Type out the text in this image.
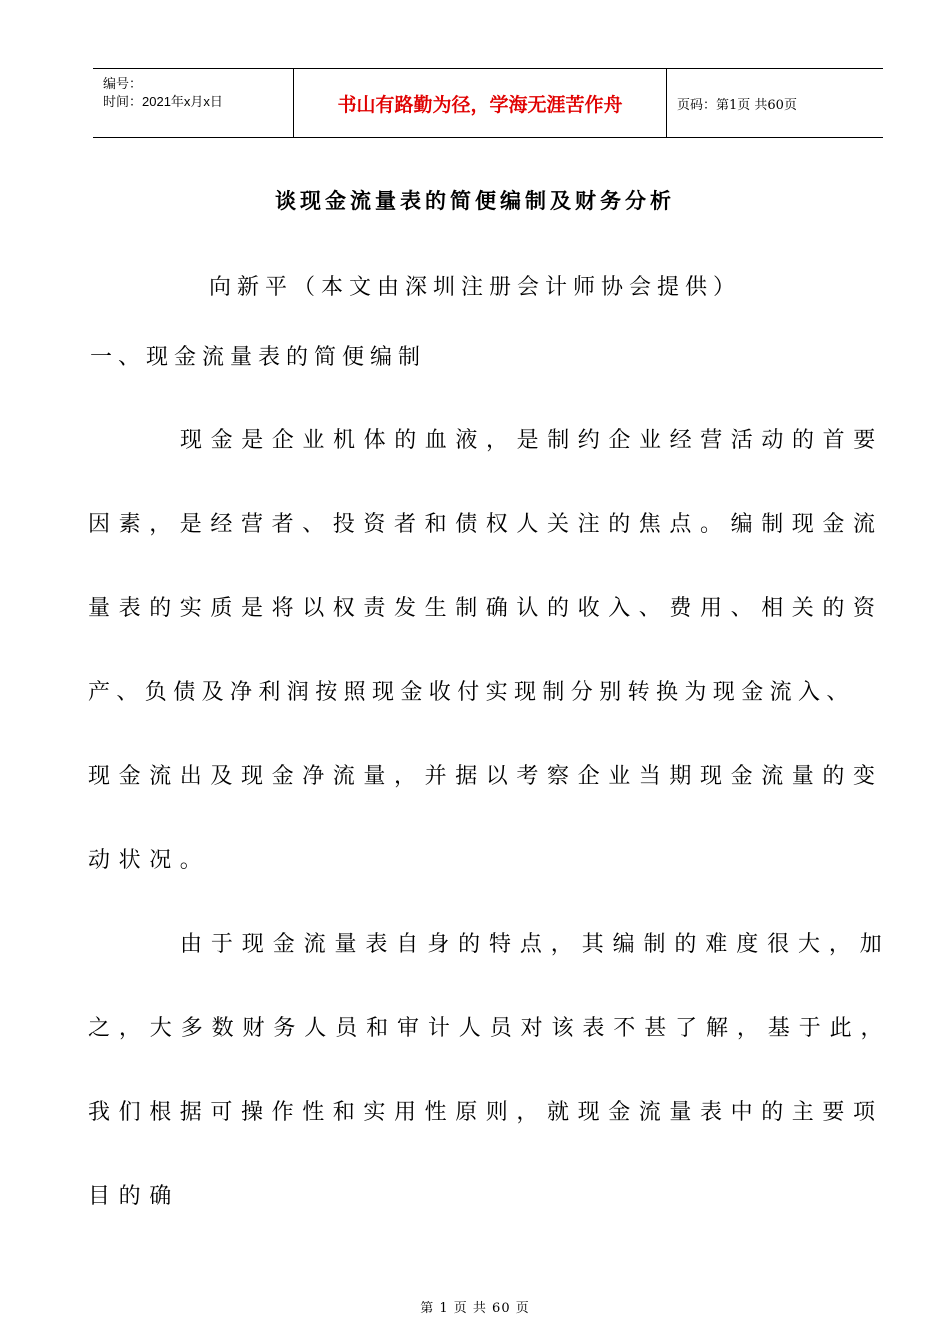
编号：
时间：2021年x月x日	书山有路勤为径，学海无涯苦作舟	页码：第1页 共60页
谈现金流量表的简便编制及财务分析
向新平（本文由深圳注册会计师协会提供）
一、现金流量表的简便编制
现金是企业机体的血液，是制约企业经营活动的首要
因素，是经营者、投资者和债权人关注的焦点。编制现金流
量表的实质是将以权责发生制确认的收入、费用、相关的资
产、负债及净利润按照现金收付实现制分别转换为现金流入、
现金流出及现金净流量，并据以考察企业当期现金流量的变
动状况。
由于现金流量表自身的特点，其编制的难度很大，加
之，大多数财务人员和审计人员对该表不甚了解，基于此，
我们根据可操作性和实用性原则，就现金流量表中的主要项
目的确
第 1 页 共 60 页
